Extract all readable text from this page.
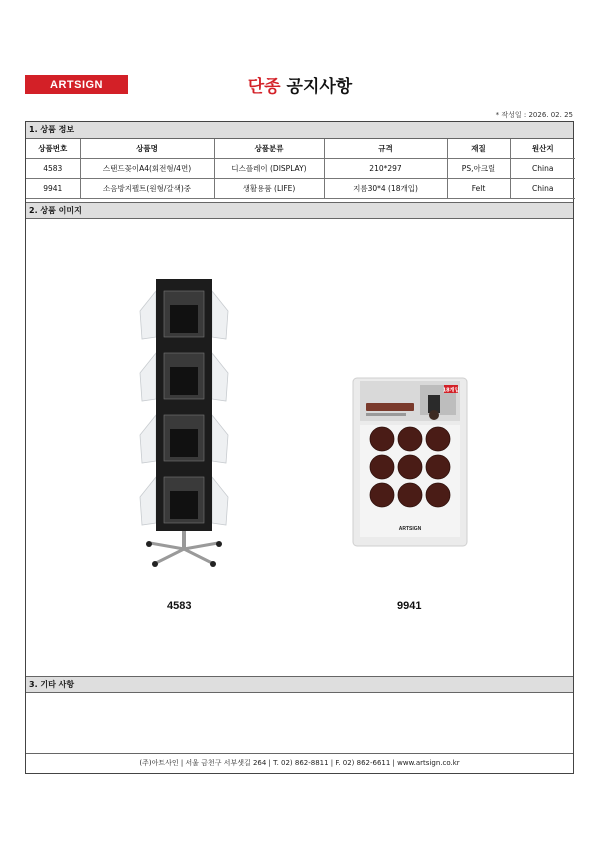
ARTSIGN	단종 공지사항
* 작성일 : 2026. 02. 25
1. 상품 정보
상품번호	상품명	상품분류	규격	재질	원산지
4583	스탠드꽂이A4(회전형/4면)	디스플레이 (DISPLAY)	210*297	PS,아크릴	China
9941	소음방지펠트(원형/갈색)중	생활용품 (LIFE)	지름30*4 (18개입)	Felt	China
2. 상품 이미지
4583
18개입
ARTSIGN
9941
3. 기타 사항
(주)아트사인 | 서울 금천구 서부샛길 264 | T. 02) 862-8811 | F. 02) 862-6611 | www.artsign.co.kr
